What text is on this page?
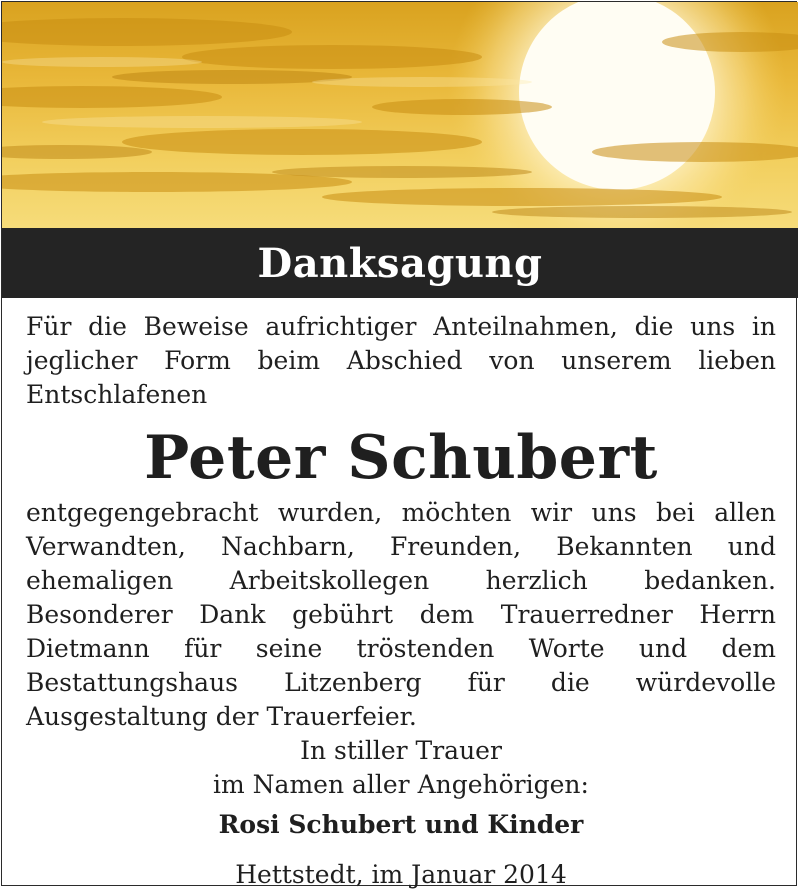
Danksagung

Für die Beweise aufrichtiger Anteilnahmen, die uns in jeglicher Form beim Abschied von unserem lieben Entschlafenen

Peter Schubert

entgegengebracht wurden, möchten wir uns bei allen Verwandten, Nachbarn, Freunden, Bekannten und ehemaligen Arbeitskollegen herzlich bedanken. Besonderer Dank gebührt dem Trauerredner Herrn Dietmann für seine tröstenden Worte und dem Bestattungshaus Litzenberg für die würdevolle Ausgestaltung der Trauerfeier.

In stiller Trauer

im Namen aller Angehörigen:

Rosi Schubert und Kinder

Hettstedt, im Januar 2014
